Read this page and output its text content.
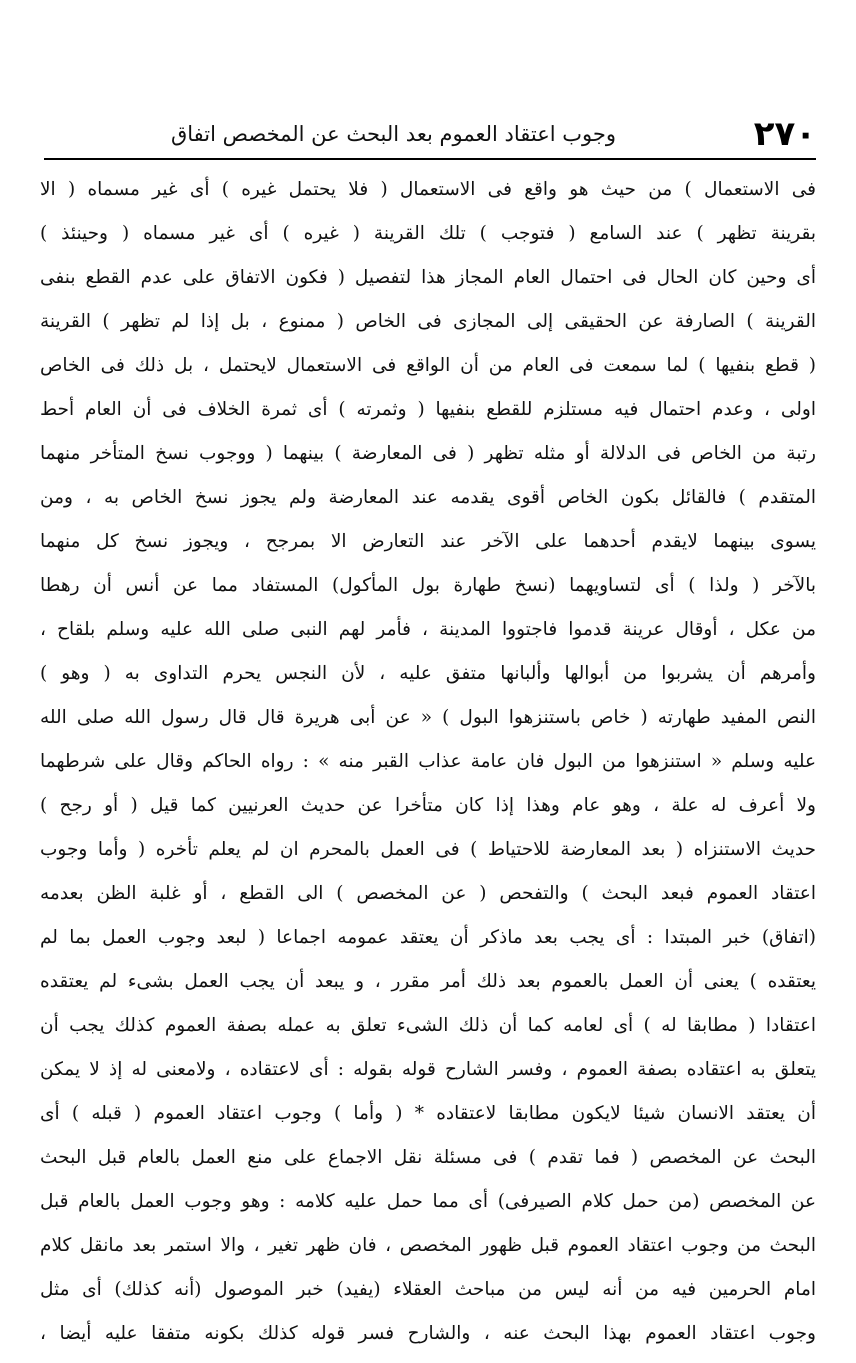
٢٧٠
وجوب اعتقاد العموم بعد البحث عن المخصص اتفاق
فى الاستعمال ) من حيث هو واقع فى الاستعمال ( فلا يحتمل غيره ) أى غير مسماه ( الا
بقرينة تظهر ) عند السامع ( فتوجب ) تلك القرينة ( غيره ) أى غير مسماه ( وحينئذ )
أى وحين كان الحال فى احتمال العام المجاز هذا لتفصيل ( فكون الاتفاق على عدم القطع بنفى
القرينة ) الصارفة عن الحقيقى إلى المجازى فى الخاص ( ممنوع ، بل إذا لم تظهر ) القرينة
( قطع بنفيها ) لما سمعت فى العام من أن الواقع فى الاستعمال لايحتمل ، بل ذلك فى الخاص
اولى ، وعدم احتمال فيه مستلزم للقطع بنفيها ( وثمرته ) أى ثمرة الخلاف فى أن العام أحط
رتبة من الخاص فى الدلالة أو مثله تظهر ( فى المعارضة ) بينهما ( ووجوب نسخ المتأخر منهما
المتقدم ) فالقائل بكون الخاص أقوى يقدمه عند المعارضة ولم يجوز نسخ الخاص به ، ومن
يسوى بينهما لايقدم أحدهما على الآخر عند التعارض الا بمرجح ، ويجوز نسخ كل منهما
بالآخر ( ولذا ) أى لتساويهما (نسخ طهارة بول المأكول) المستفاد مما عن أنس أن رهطا
من عكل ، أوقال عرينة قدموا فاجتووا المدينة ، فأمر لهم النبى صلى الله عليه وسلم بلقاح ،
وأمرهم أن يشربوا من أبوالها وألبانها متفق عليه ، لأن النجس يحرم التداوى به ( وهو )
النص المفيد طهارته ( خاص باستنزهوا البول ) « عن أبى هريرة قال قال رسول الله صلى الله
عليه وسلم « استنزهوا من البول فان عامة عذاب القبر منه » : رواه الحاكم وقال على شرطهما
ولا أعرف له علة ، وهو عام وهذا إذا كان متأخرا عن حديث العرنيين كما قيل ( أو رجح )
حديث الاستنزاه ( بعد المعارضة للاحتياط ) فى العمل بالمحرم ان لم يعلم تأخره ( وأما وجوب
اعتقاد العموم فبعد البحث ) والتفحص ( عن المخصص ) الى القطع ، أو غلبة الظن بعدمه
(اتفاق) خبر المبتدا : أى يجب بعد ماذكر أن يعتقد عمومه اجماعا ( لبعد وجوب العمل بما لم
يعتقده ) يعنى أن العمل بالعموم بعد ذلك أمر مقرر ، و يبعد أن يجب العمل بشىء لم يعتقده
اعتقادا ( مطابقا له ) أى لعامه كما أن ذلك الشىء تعلق به عمله بصفة العموم كذلك يجب أن
يتعلق به اعتقاده بصفة العموم ، وفسر الشارح قوله بقوله : أى لاعتقاده ، ولامعنى له إذ لا يمكن
أن يعتقد الانسان شيئا لايكون مطابقا لاعتقاده * ( وأما ) وجوب اعتقاد العموم ( قبله ) أى
البحث عن المخصص ( فما تقدم ) فى مسئلة نقل الاجماع على منع العمل بالعام قبل البحث
عن المخصص (من حمل كلام الصيرفى) أى مما حمل عليه كلامه : وهو وجوب العمل بالعام قبل
البحث من وجوب اعتقاد العموم قبل ظهور المخصص ، فان ظهر تغير ، والا استمر بعد مانقل كلام
امام الحرمين فيه من أنه ليس من مباحث العقلاء (يفيد) خبر الموصول (أنه كذلك) أى مثل
وجوب اعتقاد العموم بهذا البحث عنه ، والشارح فسر قوله كذلك بكونه متفقا عليه أيضا ،
